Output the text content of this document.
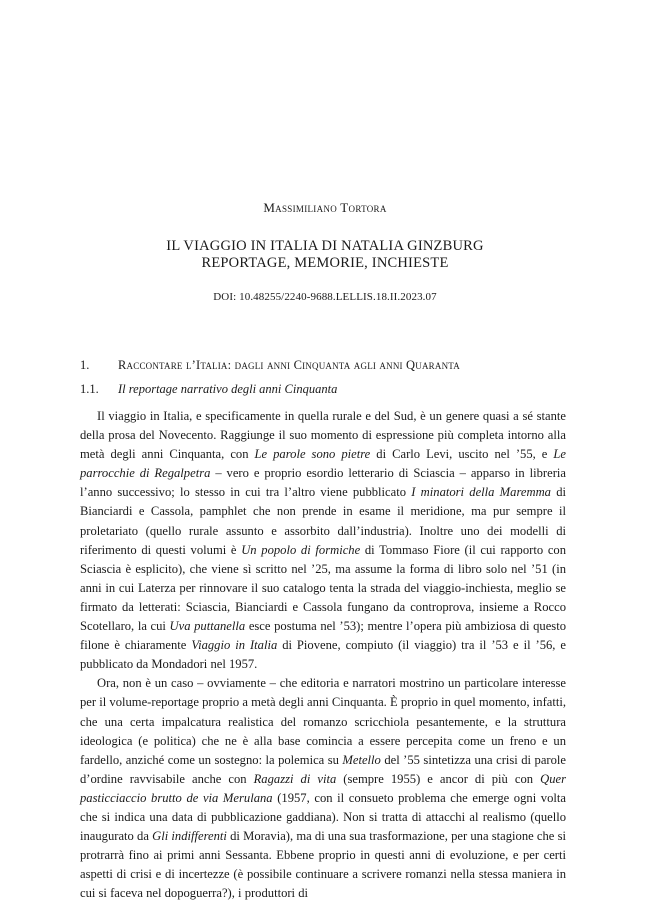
Massimiliano Tortora
IL VIAGGIO IN ITALIA DI NATALIA GINZBURG
REPORTAGE, MEMORIE, INCHIESTE
DOI: 10.48255/2240-9688.LELLIS.18.II.2023.07
1. Raccontare l’Italia: dagli anni Cinquanta agli anni Quaranta
1.1. Il reportage narrativo degli anni Cinquanta

Il viaggio in Italia, e specificamente in quella rurale e del Sud, è un genere quasi a sé stante della prosa del Novecento. Raggiunge il suo momento di espressione più completa intorno alla metà degli anni Cinquanta, con Le parole sono pietre di Carlo Levi, uscito nel ’55, e Le parrocchie di Regalpetra – vero e proprio esordio letterario di Sciascia – apparso in libreria l’anno successivo; lo stesso in cui tra l’altro viene pubblicato I minatori della Maremma di Bianciardi e Cassola, pamphlet che non prende in esame il meridione, ma pur sempre il proletariato (quello rurale assunto e assorbito dall’industria). Inoltre uno dei modelli di riferimento di questi volumi è Un popolo di formiche di Tommaso Fiore (il cui rapporto con Sciascia è esplicito), che viene sì scritto nel ’25, ma assume la forma di libro solo nel ’51 (in anni in cui Laterza per rinnovare il suo catalogo tenta la strada del viaggio-inchiesta, meglio se firmato da letterati: Sciascia, Bianciardi e Cassola fungano da controprova, insieme a Rocco Scotellaro, la cui Uva puttanella esce postuma nel ’53); mentre l’opera più ambiziosa di questo filone è chiaramente Viaggio in Italia di Piovene, compiuto (il viaggio) tra il ’53 e il ’56, e pubblicato da Mondadori nel 1957.

Ora, non è un caso – ovviamente – che editoria e narratori mostrino un particolare interesse per il volume-reportage proprio a metà degli anni Cinquanta. È proprio in quel momento, infatti, che una certa impalcatura realistica del romanzo scricchiola pesantemente, e la struttura ideologica (e politica) che ne è alla base comincia a essere percepita come un freno e un fardello, anziché come un sostegno: la polemica su Metello del ’55 sintetizza una crisi di parole d’ordine ravvisabile anche con Ragazzi di vita (sempre 1955) e ancor di più con Quer pasticciaccio brutto de via Merulana (1957, con il consueto problema che emerge ogni volta che si indica una data di pubblicazione gaddiana). Non si tratta di attacchi al realismo (quello inaugurato da Gli indifferenti di Moravia), ma di una sua trasformazione, per una stagione che si protrarrà fino ai primi anni Sessanta. Ebbene proprio in questi anni di evoluzione, e per certi aspetti di crisi e di incertezze (è possibile continuare a scrivere romanzi nella stessa maniera in cui si faceva nel dopoguerra?), i produttori di
